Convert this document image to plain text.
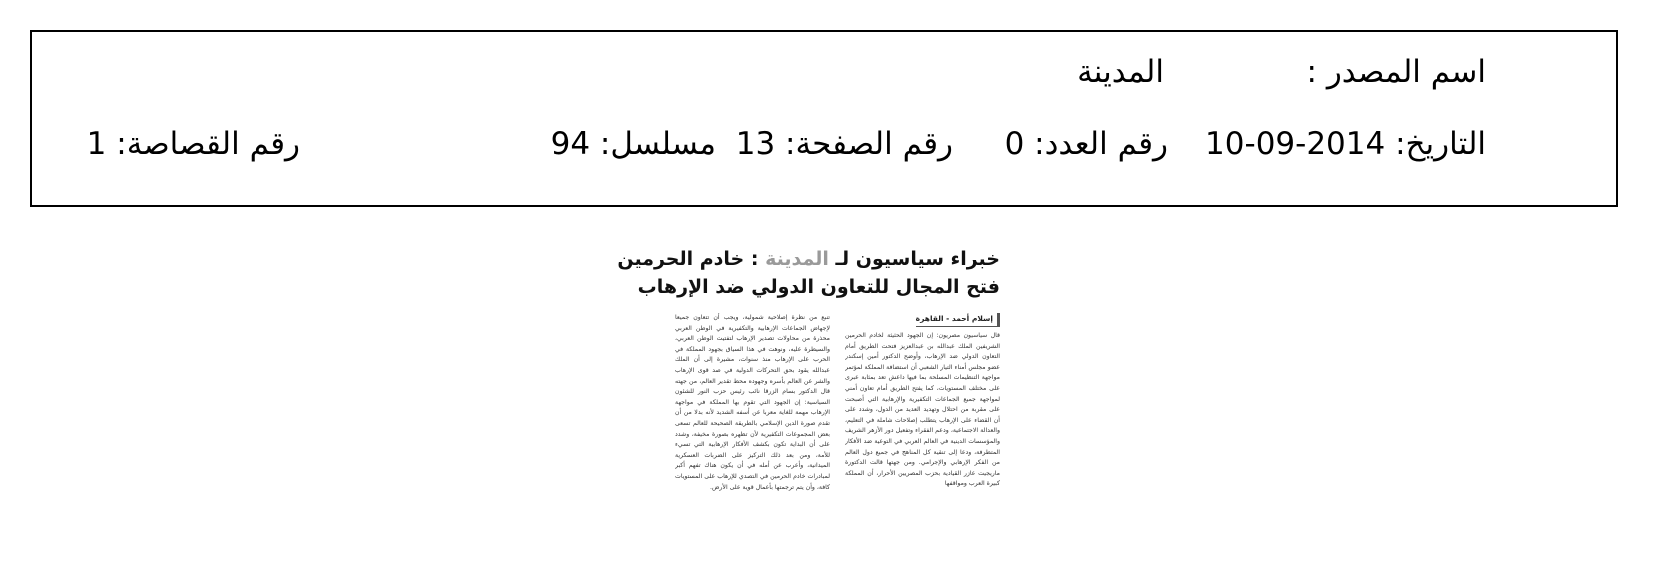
اسم المصدر :
المدينة
التاريخ: 2014-09-10
رقم العدد: 0
رقم الصفحة: 13
مسلسل: 94
رقم القصاصة: 1
خبراء سياسيون لـ المدينة : خادم الحرمين
فتح المجال للتعاون الدولي ضد الإرهاب
إسلام أحمد - القاهرة
قال سياسيون مصريون: إن الجهود الحثيثة لخادم الحرمين الشريفين الملك عبدالله بن عبدالعزيز فتحت الطريق أمام التعاون الدولي ضد الإرهاب، وأوضح الدكتور أمين إسكندر عضو مجلس أمناء التيار الشعبي أن استضافة المملكة لمؤتمر مواجهة التنظيمات المسلحة بما فيها داعش تعد بمثابة عبرى على مختلف المستويات، كما يفتح الطريق أمام تعاون أمني لمواجهة جميع الجماعات التكفيرية والإرهابية التي أصبحت على مقربة من احتلال وتهديد العديد من الدول، وشدد على أن القضاء على الإرهاب يتطلب إصلاحات شاملة في التعليم، والعدالة الاجتماعية، ودعم الفقراء وتفعيل دور الأزهر الشريف والمؤسسات الدينية في العالم العربي في التوعية ضد الأفكار المتطرفة، ودعا إلى تنقية كل المناهج في جميع دول العالم من الفكر الإرهابي والإجرامي. ومن جهتها قالت الدكتورة ماريجيت عازر القيادية بحزب المصريين الأحرار، أن المملكة كبيرة العرب ومواقفها
تنبع من نظرة إصلاحية شمولية، ويجب أن تتعاون جميعا لإجهاض الجماعات الإرهابية والتكفيرية في الوطن العربي محذرة من محاولات تصدير الإرهاب لتفتيت الوطن العربي، والسيطرة عليه، ونوهت في هذا السياق بجهود المملكة في الحرب على الإرهاب منذ سنوات، مشيرة إلى أن الملك عبدالله يقود بحق التحركات الدولية في صد قوى الإرهاب والشر عن العالم بأسره وجهوده محط تقدير العالم، من جهته قال الدكتور بسام الزرقا نائب رئيس حزب النور للشئون السياسية: إن الجهود التي تقوم بها المملكة في مواجهة الإرهاب مهمة للغاية معربا عن أسفه الشديد لأنه بدلا من أن تقدم صورة الدين الإسلامي بالطريقة الصحيحة للعالم تسعى بعض المجموعات التكفيرية لأن تظهره بصورة مخيفة، وشدد على أن البداية تكون بكشف الأفكار الإرهابية التي تسيء للأمة، ومن بعد ذلك التركيز على الضربات العسكرية الميدانية، وأعرب عن أمله في أن يكون هناك تفهم أكبر لمبادرات خادم الحرمين في التصدي للإرهاب على المستويات كافة، وأن يتم ترجمتها بأعمال قوية على الأرض.
